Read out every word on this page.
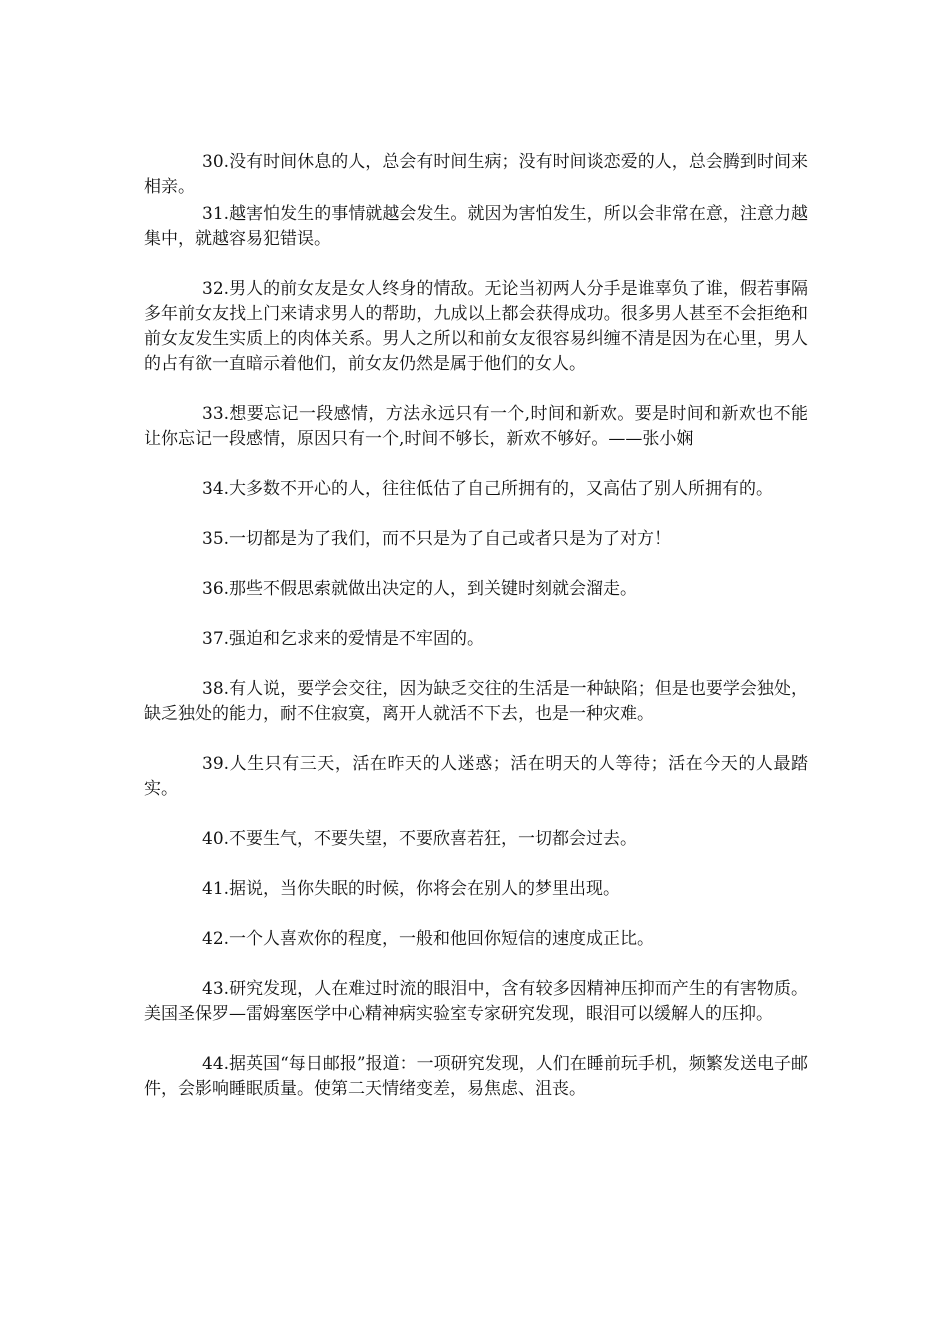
30.没有时间休息的人，总会有时间生病；没有时间谈恋爱的人，总会腾到时间来相亲。

31.越害怕发生的事情就越会发生。就因为害怕发生，所以会非常在意，注意力越集中，就越容易犯错误。

32.男人的前女友是女人终身的情敌。无论当初两人分手是谁辜负了谁，假若事隔多年前女友找上门来请求男人的帮助，九成以上都会获得成功。很多男人甚至不会拒绝和前女友发生实质上的肉体关系。男人之所以和前女友很容易纠缠不清是因为在心里，男人的占有欲一直暗示着他们，前女友仍然是属于他们的女人。

33.想要忘记一段感情，方法永远只有一个,时间和新欢。要是时间和新欢也不能让你忘记一段感情，原因只有一个,时间不够长，新欢不够好。——张小娴

34.大多数不开心的人，往往低估了自己所拥有的，又高估了别人所拥有的。

35.一切都是为了我们，而不只是为了自己或者只是为了对方！

36.那些不假思索就做出决定的人，到关键时刻就会溜走。

37.强迫和乞求来的爱情是不牢固的。

38.有人说，要学会交往，因为缺乏交往的生活是一种缺陷；但是也要学会独处，缺乏独处的能力，耐不住寂寞，离开人就活不下去，也是一种灾难。

39.人生只有三天，活在昨天的人迷惑；活在明天的人等待；活在今天的人最踏实。

40.不要生气，不要失望，不要欣喜若狂，一切都会过去。

41.据说，当你失眠的时候，你将会在别人的梦里出现。

42.一个人喜欢你的程度，一般和他回你短信的速度成正比。

43.研究发现，人在难过时流的眼泪中，含有较多因精神压抑而产生的有害物质。美国圣保罗—雷姆塞医学中心精神病实验室专家研究发现，眼泪可以缓解人的压抑。

44.据英国“每日邮报”报道：一项研究发现，人们在睡前玩手机，频繁发送电子邮件，会影响睡眠质量。使第二天情绪变差，易焦虑、沮丧。
